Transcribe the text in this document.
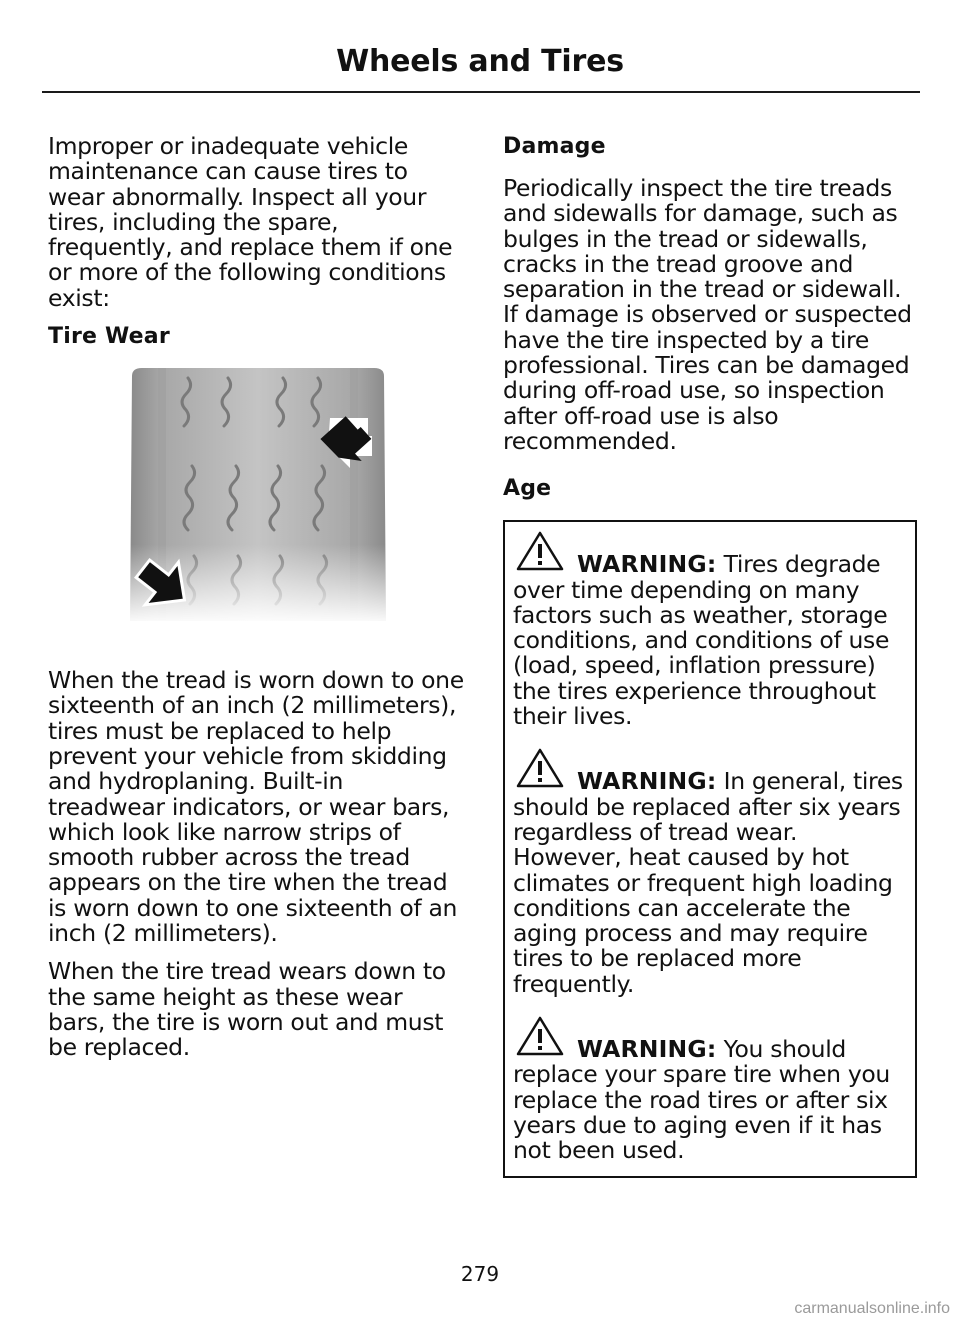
Wheels and Tires

Improper or inadequate vehicle maintenance can cause tires to wear abnormally. Inspect all your tires, including the spare, frequently, and replace them if one or more of the following conditions exist:

Tire Wear

When the tread is worn down to one sixteenth of an inch (2 millimeters), tires must be replaced to help prevent your vehicle from skidding and hydroplaning. Built-in treadwear indicators, or wear bars, which look like narrow strips of smooth rubber across the tread appears on the tire when the tread is worn down to one sixteenth of an inch (2 millimeters).

When the tire tread wears down to the same height as these wear bars, the tire is worn out and must be replaced.

Damage

Periodically inspect the tire treads and sidewalls for damage, such as bulges in the tread or sidewalls, cracks in the tread groove and separation in the tread or sidewall. If damage is observed or suspected have the tire inspected by a tire professional. Tires can be damaged during off-road use, so inspection after off-road use is also recommended.

Age

WARNING: Tires degrade over time depending on many factors such as weather, storage conditions, and conditions of use (load, speed, inflation pressure) the tires experience throughout their lives.

WARNING: In general, tires should be replaced after six years regardless of tread wear. However, heat caused by hot climates or frequent high loading conditions can accelerate the aging process and may require tires to be replaced more frequently.

WARNING: You should replace your spare tire when you replace the road tires or after six years due to aging even if it has not been used.

279
carmanualsonline.info
